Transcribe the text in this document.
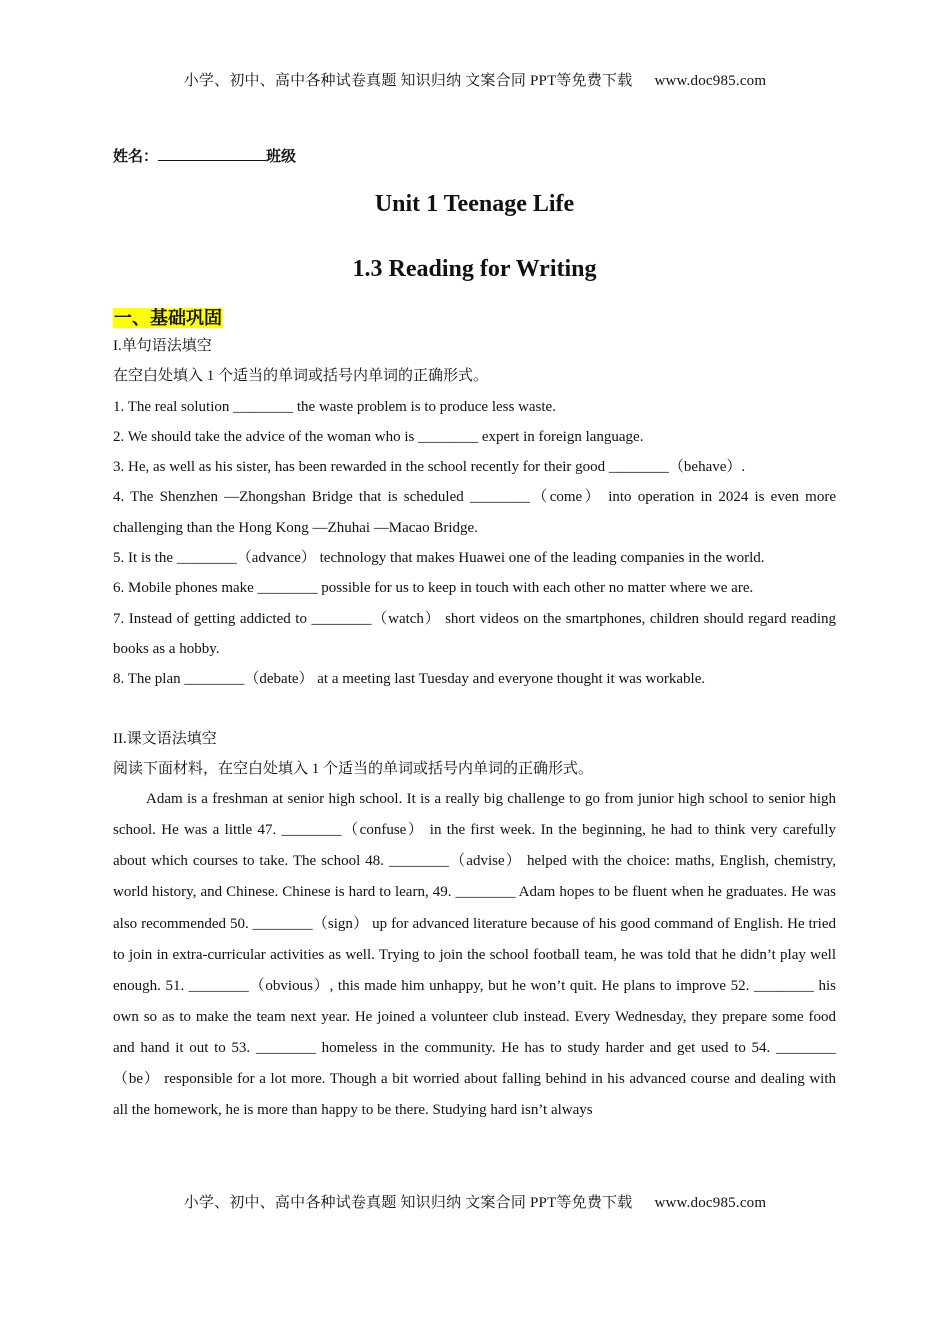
小学、初中、高中各种试卷真题 知识归纳 文案合同 PPT等免费下载 www.doc985.com
姓名：	班级
Unit 1 Teenage Life
1.3 Reading for Writing
一、基础巩固

I.单句语法填空

在空白处填入 1 个适当的单词或括号内单词的正确形式。

1. The real solution ________ the waste problem is to produce less waste.

2. We should take the advice of the woman who is ________ expert in foreign language.

3. He, as well as his sister, has been rewarded in the school recently for their good ________（behave）.

4. The Shenzhen —Zhongshan Bridge that is scheduled ________（come） into operation in 2024 is even more challenging than the Hong Kong —Zhuhai —Macao Bridge.

5. It is the ________（advance） technology that makes Huawei one of the leading companies in the world.

6. Mobile phones make ________ possible for us to keep in touch with each other no matter where we are.

7. Instead of getting addicted to ________（watch） short videos on the smartphones, children should regard reading books as a hobby.

8. The plan ________（debate） at a meeting last Tuesday and everyone thought it was workable.

II.课文语法填空

阅读下面材料，在空白处填入 1 个适当的单词或括号内单词的正确形式。

Adam is a freshman at senior high school. It is a really big challenge to go from junior high school to senior high school. He was a little 47. ________（confuse） in the first week. In the beginning, he had to think very carefully about which courses to take. The school 48. ________（advise） helped with the choice: maths, English, chemistry, world history, and Chinese. Chinese is hard to learn, 49. ________ Adam hopes to be fluent when he graduates. He was also recommended 50. ________（sign） up for advanced literature because of his good command of English. He tried to join in extra-curricular activities as well. Trying to join the school football team, he was told that he didn’t play well enough. 51. ________（obvious）, this made him unhappy, but he won’t quit. He plans to improve 52. ________ his own so as to make the team next year. He joined a volunteer club instead. Every Wednesday, they prepare some food and hand it out to 53. ________ homeless in the community. He has to study harder and get used to 54. ________（be） responsible for a lot more. Though a bit worried about falling behind in his advanced course and dealing with all the homework, he is more than happy to be there. Studying hard isn’t always

小学、初中、高中各种试卷真题 知识归纳 文案合同 PPT等免费下载 www.doc985.com
